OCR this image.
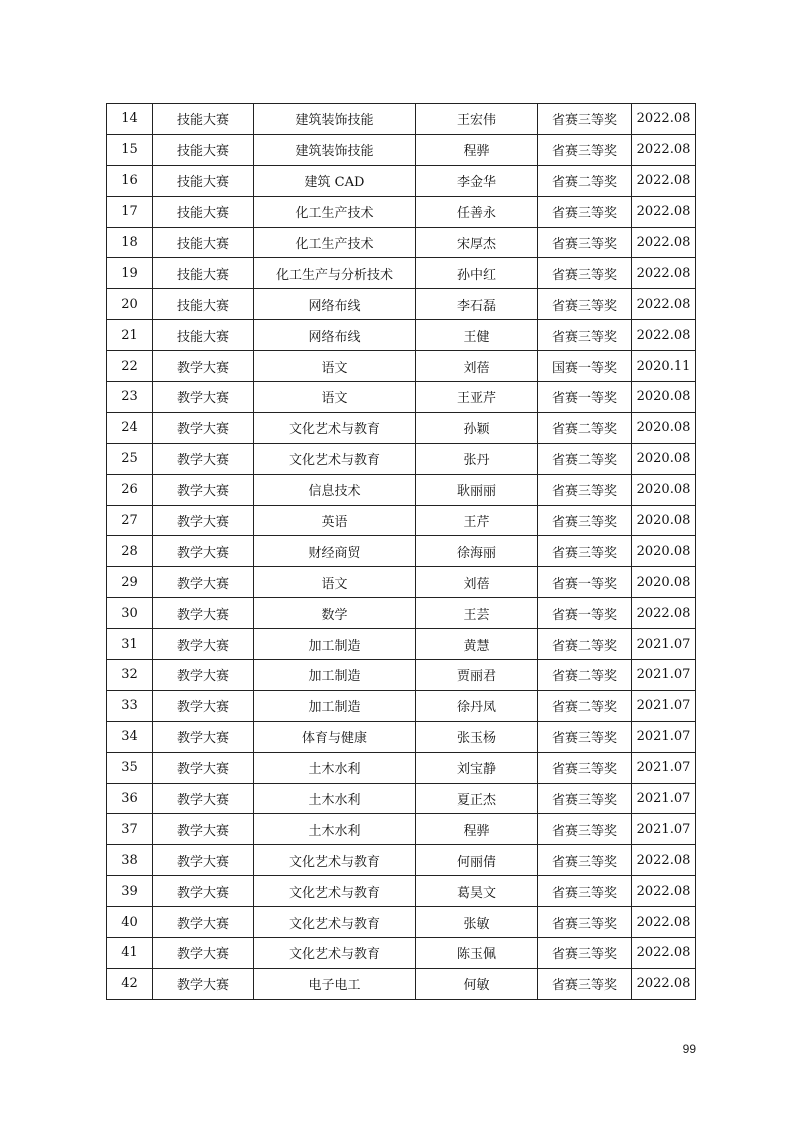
14	技能大赛	建筑装饰技能	王宏伟	省赛三等奖	2022.08
15	技能大赛	建筑装饰技能	程骅	省赛三等奖	2022.08
16	技能大赛	建筑 CAD	李金华	省赛二等奖	2022.08
17	技能大赛	化工生产技术	任善永	省赛三等奖	2022.08
18	技能大赛	化工生产技术	宋厚杰	省赛三等奖	2022.08
19	技能大赛	化工生产与分析技术	孙中红	省赛三等奖	2022.08
20	技能大赛	网络布线	李石磊	省赛三等奖	2022.08
21	技能大赛	网络布线	王健	省赛三等奖	2022.08
22	教学大赛	语文	刘蓓	国赛一等奖	2020.11
23	教学大赛	语文	王亚芹	省赛一等奖	2020.08
24	教学大赛	文化艺术与教育	孙颖	省赛二等奖	2020.08
25	教学大赛	文化艺术与教育	张丹	省赛二等奖	2020.08
26	教学大赛	信息技术	耿丽丽	省赛三等奖	2020.08
27	教学大赛	英语	王芹	省赛三等奖	2020.08
28	教学大赛	财经商贸	徐海丽	省赛三等奖	2020.08
29	教学大赛	语文	刘蓓	省赛一等奖	2020.08
30	教学大赛	数学	王芸	省赛一等奖	2022.08
31	教学大赛	加工制造	黄慧	省赛二等奖	2021.07
32	教学大赛	加工制造	贾丽君	省赛二等奖	2021.07
33	教学大赛	加工制造	徐丹凤	省赛二等奖	2021.07
34	教学大赛	体育与健康	张玉杨	省赛三等奖	2021.07
35	教学大赛	土木水利	刘宝静	省赛三等奖	2021.07
36	教学大赛	土木水利	夏正杰	省赛三等奖	2021.07
37	教学大赛	土木水利	程骅	省赛三等奖	2021.07
38	教学大赛	文化艺术与教育	何丽倩	省赛三等奖	2022.08
39	教学大赛	文化艺术与教育	葛昊文	省赛三等奖	2022.08
40	教学大赛	文化艺术与教育	张敏	省赛三等奖	2022.08
41	教学大赛	文化艺术与教育	陈玉佩	省赛三等奖	2022.08
42	教学大赛	电子电工	何敏	省赛三等奖	2022.08
99
